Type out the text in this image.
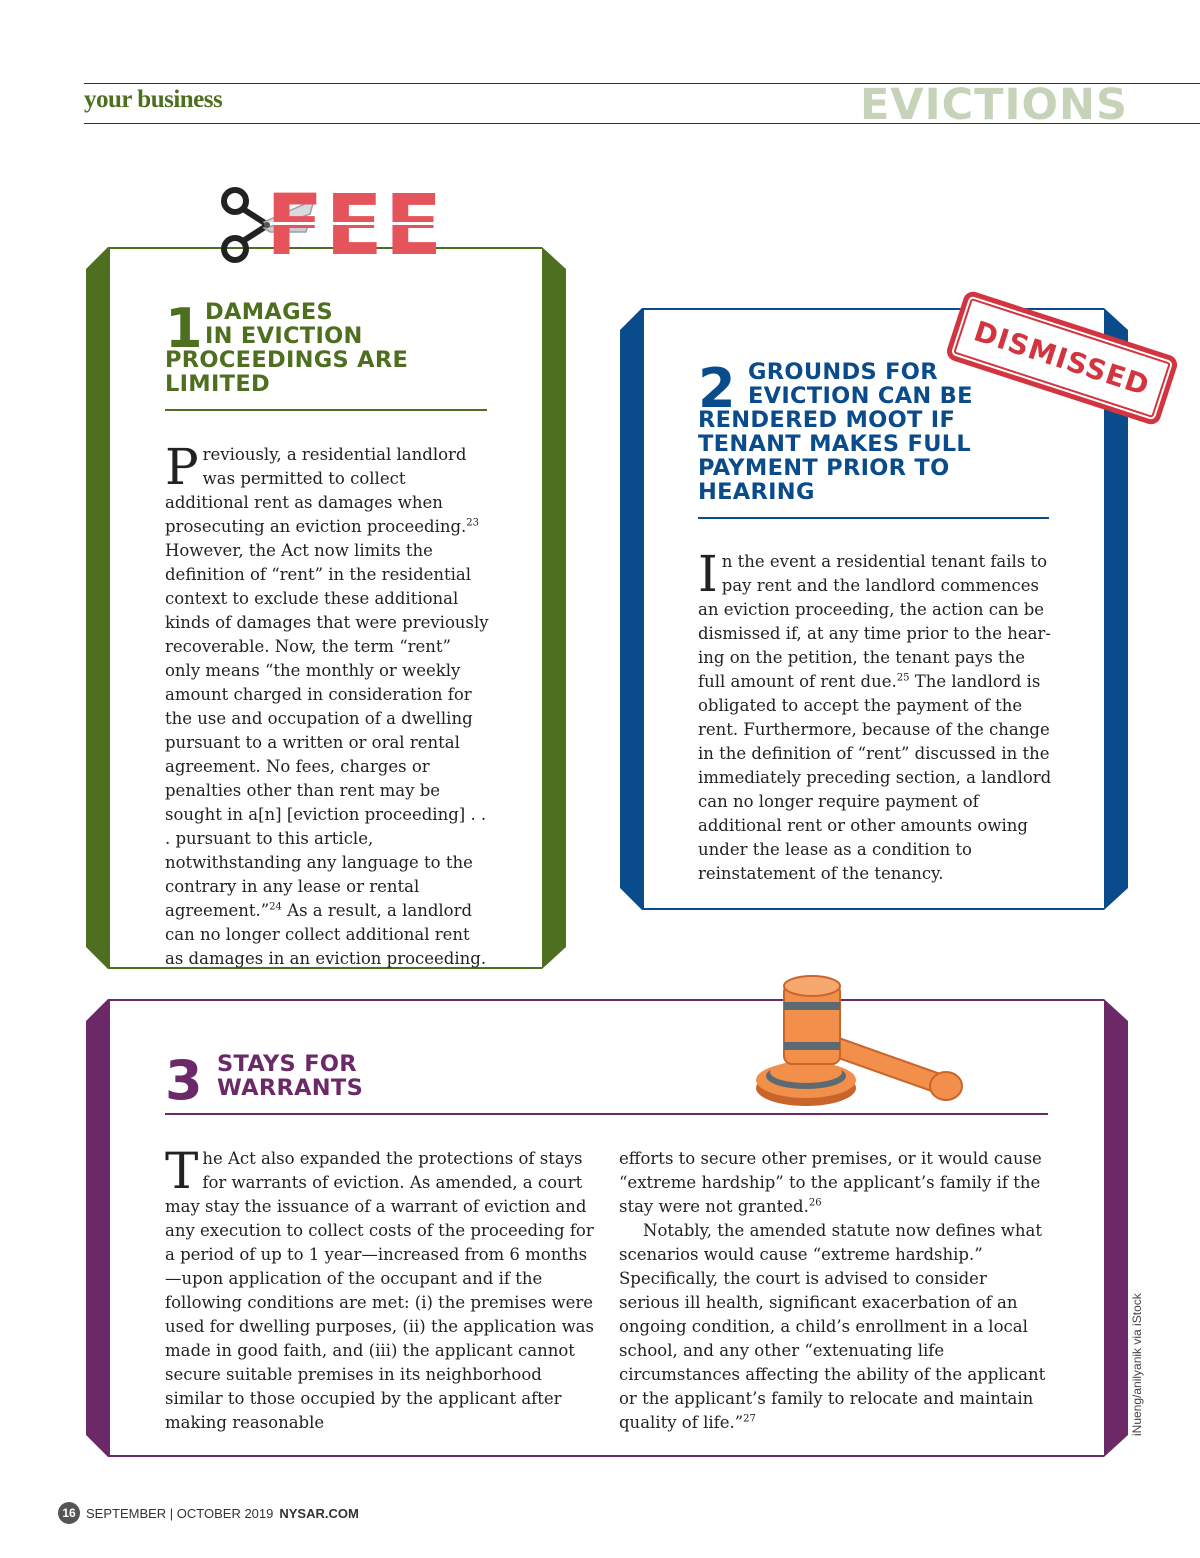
your business	EVICTIONS
FEE
1 DAMAGES
IN EVICTION
PROCEEDINGS ARE
LIMITED

Previously, a residential landlord was permitted to collect additional rent as damages when prosecuting an eviction proceeding.$^{23}$ However, the Act now limits the definition of “rent” in the residential context to exclude these additional kinds of damages that were previously recoverable. Now, the term “rent” only means “the monthly or weekly amount charged in consideration for the use and occupation of a dwelling pursuant to a written or oral rental agreement. No fees, charges or penalties other than rent may be sought in a[n] [eviction proceeding] . . . pursuant to this article, notwithstanding any language to the contrary in any lease or rental agreement.”$^{24}$ As a result, a landlord can no longer collect additional rent as damages in an eviction proceeding.

DISMISSED
2 GROUNDS FOR
EVICTION CAN BE
RENDERED MOOT IF
TENANT MAKES FULL
PAYMENT PRIOR TO
HEARING

In the event a residential tenant fails to pay rent and the landlord commences an eviction proceeding, the action can be dismissed if, at any time prior to the hearing on the petition, the tenant pays the full amount of rent due.$^{25}$ The landlord is obligated to accept the payment of the rent. Furthermore, because of the change in the definition of “rent” discussed in the immediately preceding section, a landlord can no longer require payment of additional rent or other amounts owing under the lease as a condition to reinstatement of the tenancy.

3 STAYS FOR
WARRANTS

The Act also expanded the protections of stays for warrants of eviction. As amended, a court may stay the issuance of a warrant of eviction and any execution to collect costs of the proceeding for a period of up to 1 year—increased from 6 months—upon application of the occupant and if the following conditions are met: (i) the premises were used for dwelling purposes, (ii) the application was made in good faith, and (iii) the applicant cannot secure suitable premises in its neighborhood similar to those occupied by the applicant after making reasonable

efforts to secure other premises, or it would cause “extreme hardship” to the applicant’s family if the stay were not granted.$^{26}$

Notably, the amended statute now defines what scenarios would cause “extreme hardship.” Specifically, the court is advised to consider serious ill health, significant exacerbation of an ongoing condition, a child’s enrollment in a local school, and any other “extenuating life circumstances affecting the ability of the applicant or the applicant’s family to relocate and maintain quality of life.”$^{27}$	iNueng/anilyanik via iStock
16 SEPTEMBER | OCTOBER 2019 NYSAR.COM
